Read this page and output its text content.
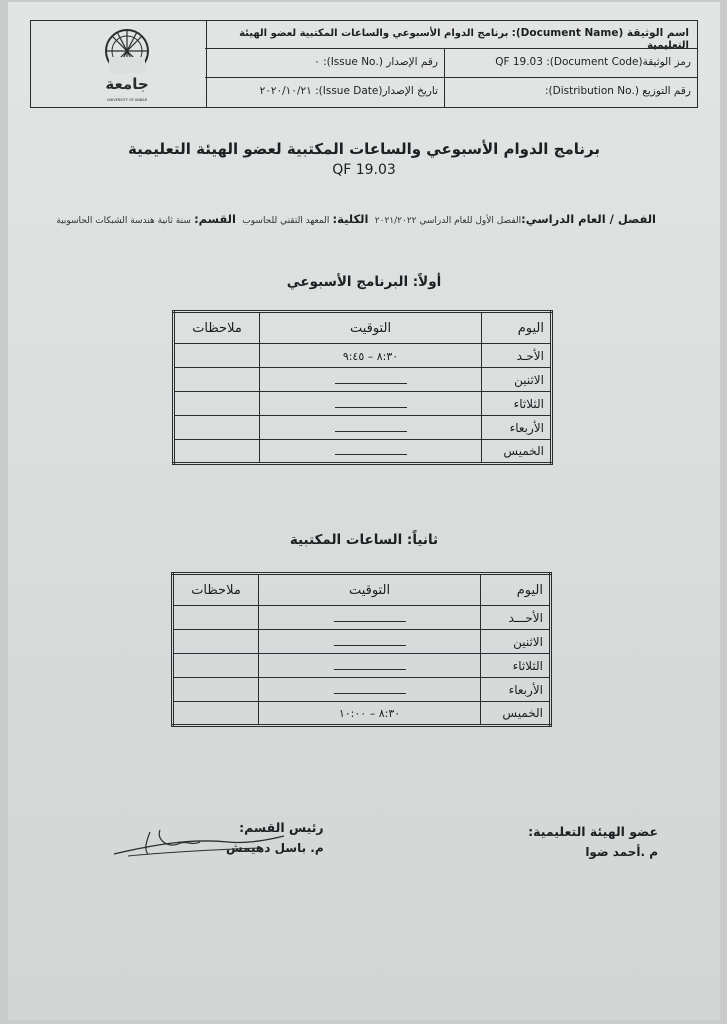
جامعة
UNIVERSITY OF ANBAR
اسم الوثيقة (Document Name): برنامج الدوام الأسبوعي والساعات المكتبية لعضو الهيئة التعليمية
رمز الوثيقة(Document Code): QF 19.03
رقم الإصدار (.Issue No): ٠
رقم التوزيع (.Distribution No):
تاريخ الإصدار(Issue Date): ٢٠٢٠/١٠/٢١
برنامج الدوام الأسبوعي والساعات المكتبية لعضو الهيئة التعليمية
QF 19.03
الفصل / العام الدراسي:الفصل الأول للعام الدراسي ٢٠٢١/٢٠٢٢  الكلية: المعهد التقني للحاسوب  القسم: سنة ثانية هندسة الشبكات الحاسوبية
أولاً: البرنامج الأسبوعي
اليوم	التوقيت	ملاحظات
الأحـد	٨:٣٠ – ٩:٤٥	
الاثنين		
الثلاثاء		
الأربعاء		
الخميس		
ثانياً: الساعات المكتبية
اليوم	التوقيت	ملاحظات
الأحـــد		
الاثنين		
الثلاثاء		
الأربعاء		
الخميس	٨:٣٠ – ١٠:٠٠	
عضو الهيئة التعليمية:
م .أحمد ضوا
رئيس القسم:
م. باسل دهيمش
